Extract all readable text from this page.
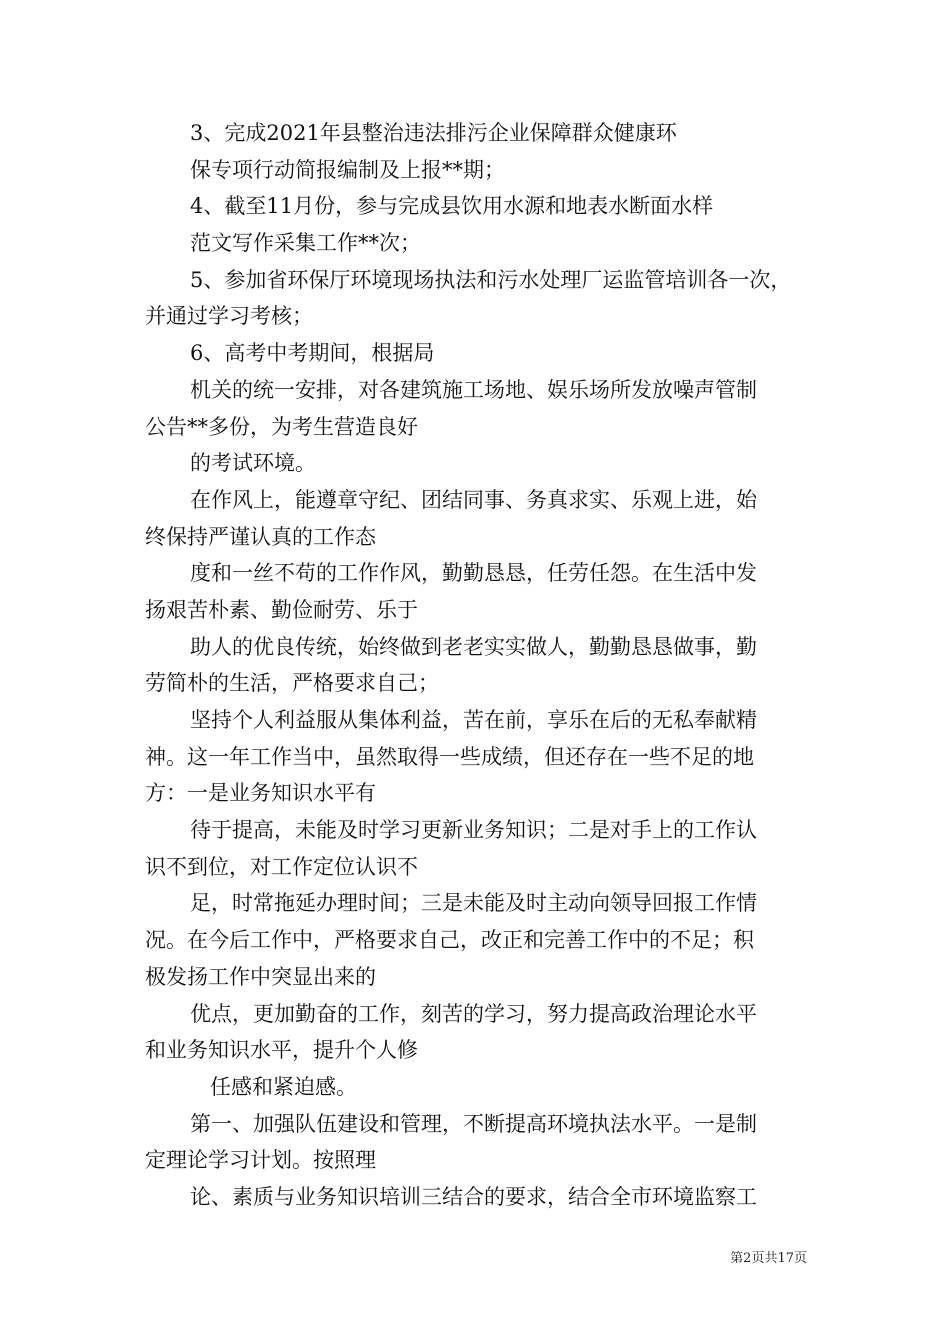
3、完成2021年县整治违法排污企业保障群众健康环
保专项行动简报编制及上报**期；
4、截至11月份，参与完成县饮用水源和地表水断面水样
范文写作采集工作**次；
5、参加省环保厅环境现场执法和污水处理厂运监管培训各一次，
并通过学习考核；
6、高考中考期间，根据局
机关的统一安排，对各建筑施工场地、娱乐场所发放噪声管制
公告**多份，为考生营造良好
的考试环境。
在作风上，能遵章守纪、团结同事、务真求实、乐观上进，始
终保持严谨认真的工作态
度和一丝不苟的工作作风，勤勤恳恳，任劳任怨。在生活中发
扬艰苦朴素、勤俭耐劳、乐于
助人的优良传统，始终做到老老实实做人，勤勤恳恳做事，勤
劳简朴的生活，严格要求自己；
坚持个人利益服从集体利益，苦在前，享乐在后的无私奉献精
神。这一年工作当中，虽然取得一些成绩，但还存在一些不足的地
方：一是业务知识水平有
待于提高，未能及时学习更新业务知识；二是对手上的工作认
识不到位，对工作定位认识不
足，时常拖延办理时间；三是未能及时主动向领导回报工作情
况。在今后工作中，严格要求自己，改正和完善工作中的不足；积
极发扬工作中突显出来的
优点，更加勤奋的工作，刻苦的学习，努力提高政治理论水平
和业务知识水平，提升个人修
任感和紧迫感。
第一、加强队伍建设和管理，不断提高环境执法水平。一是制
定理论学习计划。按照理
论、素质与业务知识培训三结合的要求，结合全市环境监察工
第2页共17页
